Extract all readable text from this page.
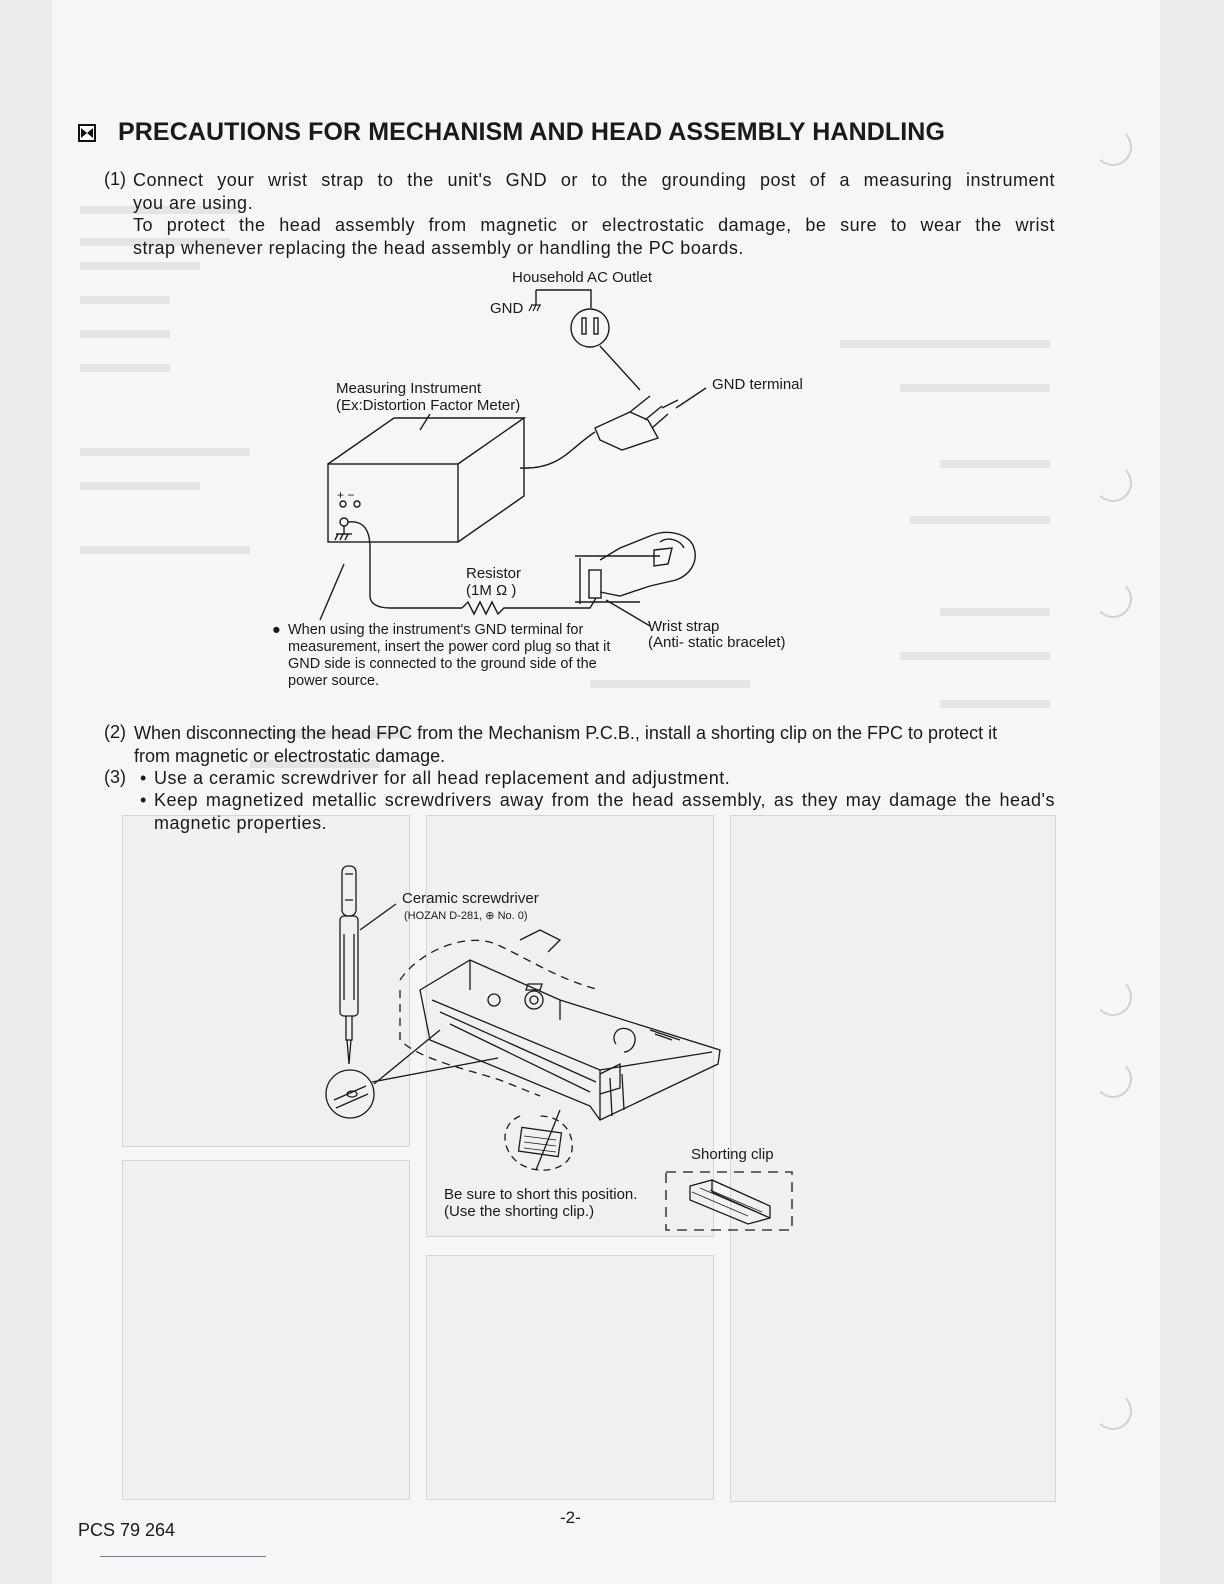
PRECAUTIONS FOR MECHANISM AND HEAD ASSEMBLY HANDLING
(1) Connect your wrist strap to the unit's GND or to the grounding post of a measuring instrument
you are using.
To protect the head assembly from magnetic or electrostatic damage, be sure to wear the wrist
strap whenever replacing the head assembly or handling the PC boards.
Household AC Outlet
GND
GND terminal
Measuring Instrument
(Ex:Distortion Factor Meter)
+ −
Resistor
(1M Ω )
Wrist strap
(Anti- static bracelet)
● When using the instrument's GND terminal for measurement, insert the power cord plug so that it GND side is connected to the ground side of the power source.
(2) When disconnecting the head FPC from the Mechanism P.C.B., install a shorting clip on the FPC to protect it
from magnetic or electrostatic damage.
(3) • Use a ceramic screwdriver for all head replacement and adjustment.
• Keep magnetized metallic screwdrivers away from the head assembly, as they may damage the head's magnetic properties.
Ceramic screwdriver
(HOZAN D-281, ⊕ No. 0)
Be sure to short this position.
(Use the shorting clip.)
Shorting clip
-2-
PCS 79 264
